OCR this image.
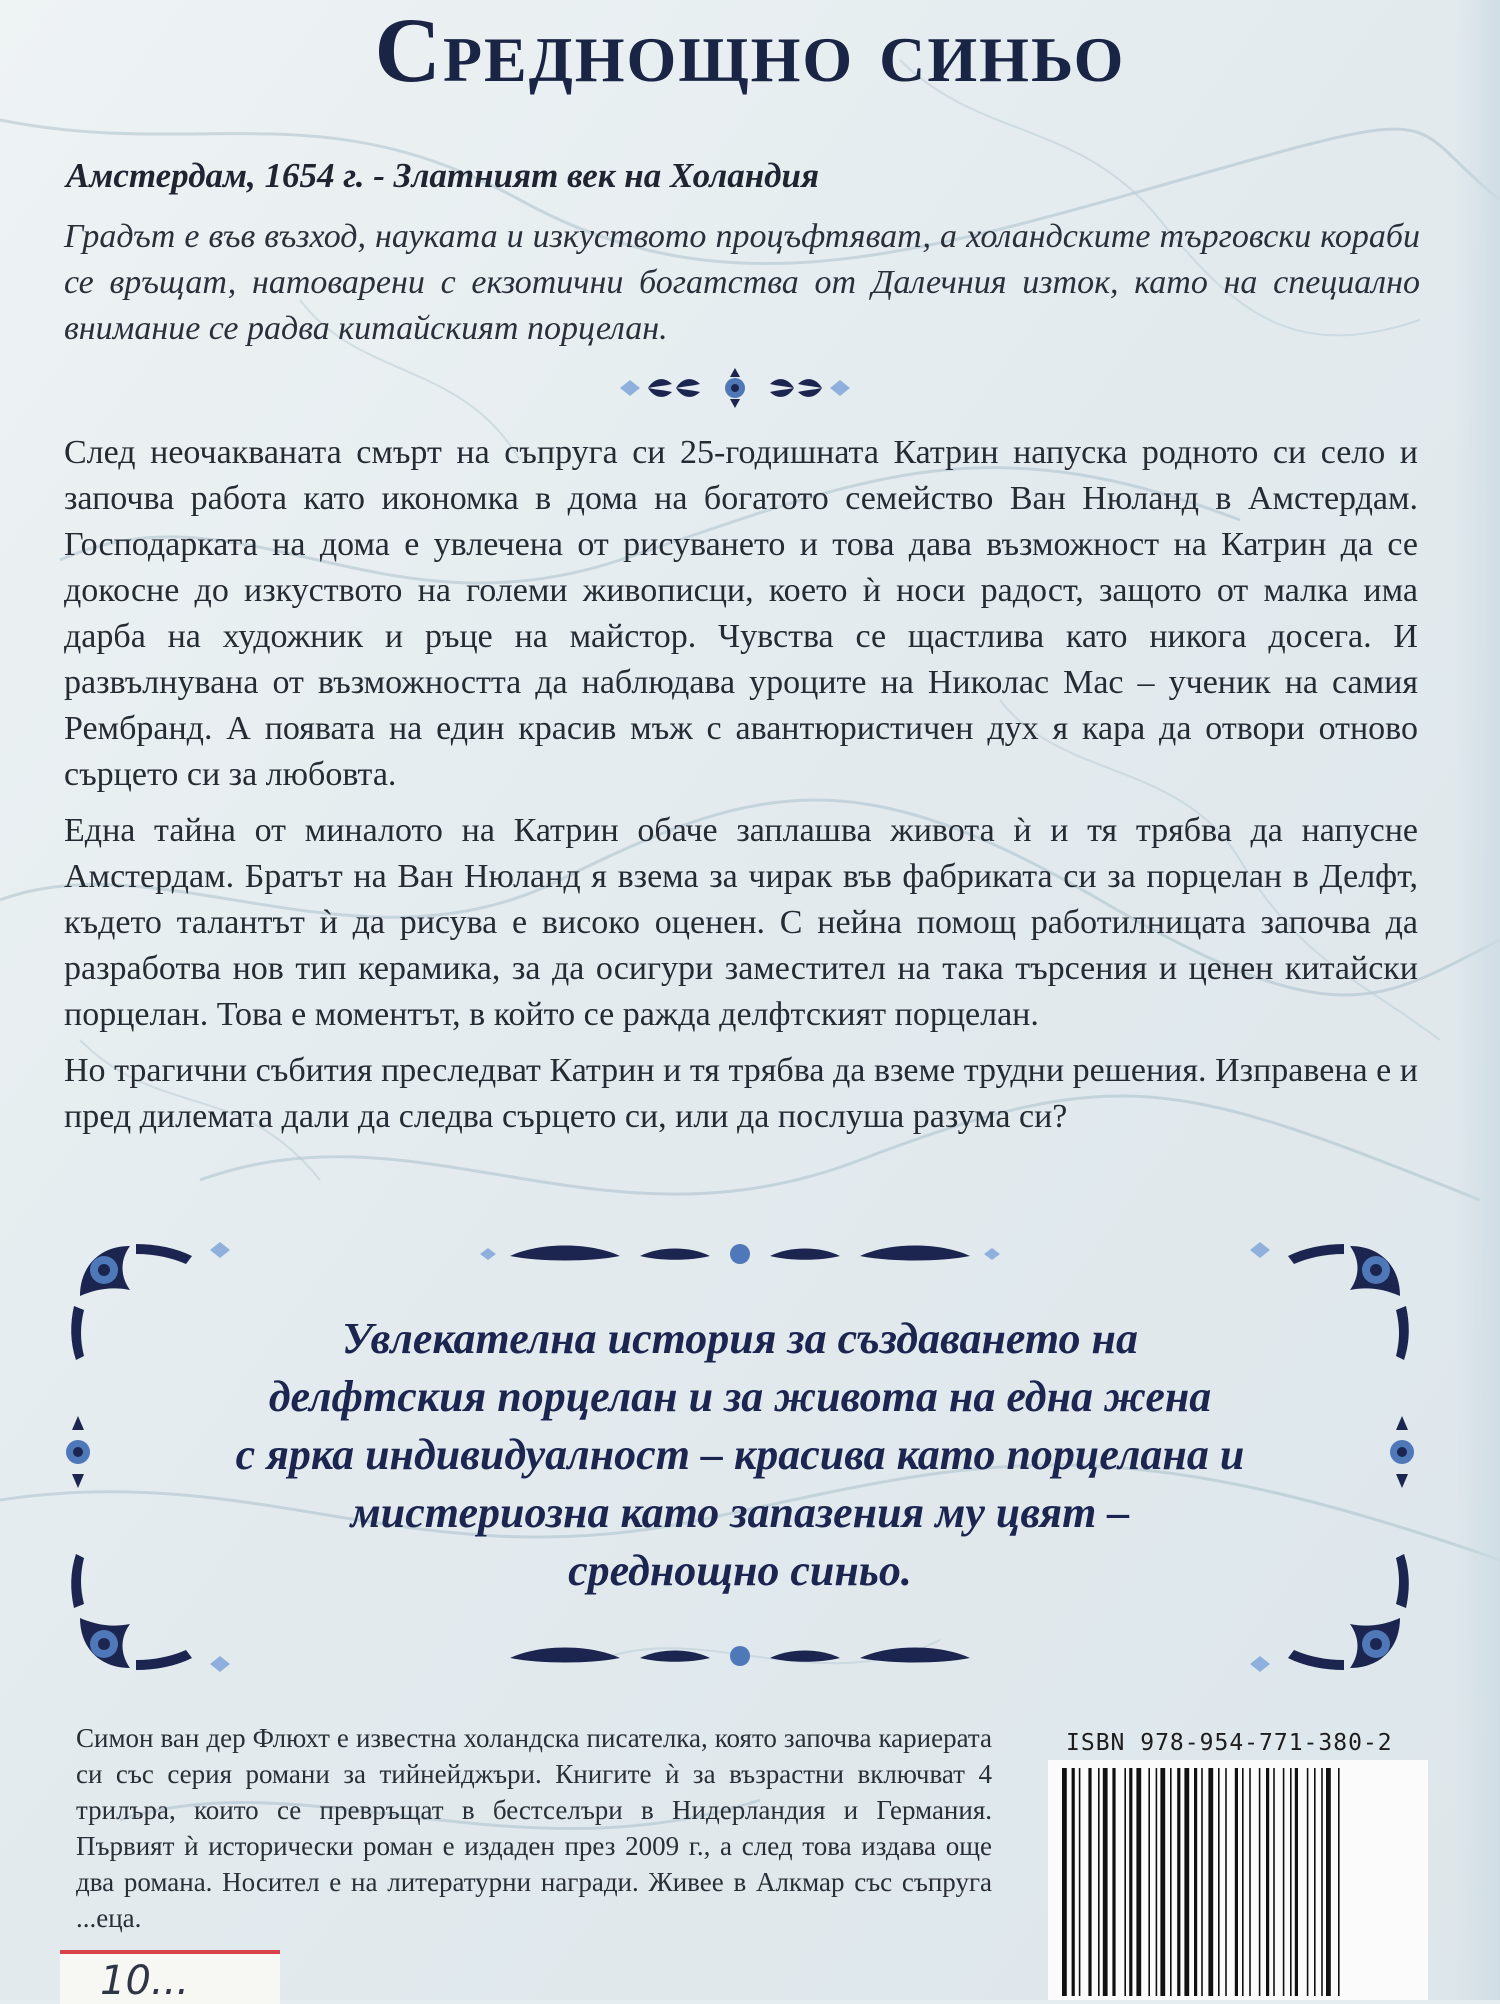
Среднощно синьо

Амстердам, 1654 г. - Златният век на Холандия

Градът е във възход, науката и изкуството процъфтяват, а холандските търговски кораби се връщат, натоварени с екзотични богатства от Далечния изток, като на специално внимание се радва китайският порцелан.

След неочакваната смърт на съпруга си 25-годишната Катрин напуска родното си село и започва работа като икономка в дома на богатото семейство Ван Нюланд в Амстердам. Господарката на дома е увлечена от рисуването и това дава възможност на Катрин да се докосне до изкуството на големи живописци, което ѝ носи радост, защото от малка има дарба на художник и ръце на майстор. Чувства се щастлива като никога досега. И развълнувана от възможността да наблюдава уроците на Николас Мас – ученик на самия Рембранд. А появата на един красив мъж с авантюристичен дух я кара да отвори отново сърцето си за любовта.

Една тайна от миналото на Катрин обаче заплашва живота ѝ и тя трябва да напусне Амстердам. Братът на Ван Нюланд я взема за чирак във фабриката си за порцелан в Делфт, където талантът ѝ да рисува е високо оценен. С нейна помощ работилницата започва да разработва нов тип керамика, за да осигури заместител на така търсения и ценен китайски порцелан. Това е моментът, в който се ражда делфтският порцелан.

Но трагични събития преследват Катрин и тя трябва да вземе трудни решения. Изправена е и пред дилемата дали да следва сърцето си, или да послуша разума си?

Увлекателна история за създаването на
делфтския порцелан и за живота на една жена
с ярка индивидуалност – красива като порцелана и
мистериозна като запазения му цвят –
среднощно синьо.

Симон ван дер Флюхт е известна холандска писателка, която започва кариерата си със серия романи за тийнейджъри. Книгите ѝ за възрастни включват 4 трилъра, които се превръщат в бестселъри в Нидерландия и Германия. Първият ѝ исторически роман е издаден през 2009 г., а след това издава още два романа. Носител е на литературни награди. Живее в Алкмар със съпруга ...еца.

ISBN 978-954-771-380-2

10...
